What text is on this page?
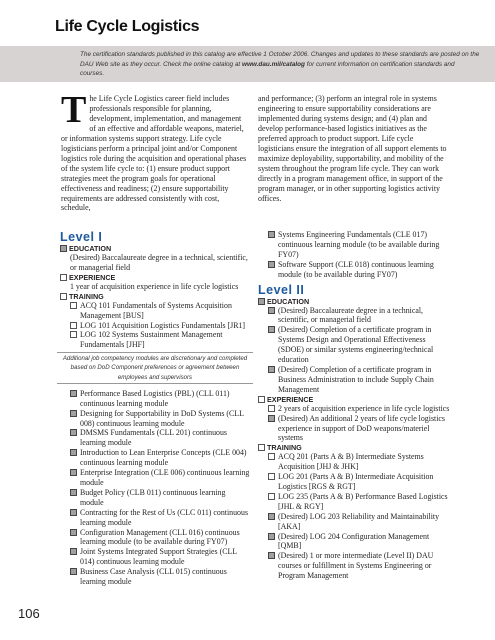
Life Cycle Logistics
The certification standards published in this catalog are effective 1 October 2006. Changes and updates to these standards are posted on the DAU Web site as they occur. Check the online catalog at www.dau.mil/catalog for current information on certification standards and courses.
The Life Cycle Logistics career field includes professionals responsible for planning, development, implementation, and management of an effective and affordable weapons, materiel, or information systems support strategy. Life cycle logisticians perform a principal joint and/or Component logistics role during the acquisition and operational phases of the system life cycle to: (1) ensure product support strategies meet the program goals for operational effectiveness and readiness; (2) ensure supportability requirements are addressed consistently with cost, schedule,
and performance; (3) perform an integral role in systems engineering to ensure supportability considerations are implemented during systems design; and (4) plan and develop performance-based logistics initiatives as the preferred approach to product support. Life cycle logisticians ensure the integration of all support elements to maximize deployability, supportability, and mobility of the system throughout the program life cycle. They can work directly in a program management office, in support of the program manager, or in other supporting logistics activity offices.
Level I
EDUCATION
(Desired) Baccalaureate degree in a technical, scientific, or managerial field
EXPERIENCE
1 year of acquisition experience in life cycle logistics
TRAINING
ACQ 101 Fundamentals of Systems Acquisition Management [BUS]
LOG 101 Acquisition Logistics Fundamentals [JR1]
LOG 102 Systems Sustainment Management Fundamentals [JHF]
Additional job competency modules are discretionary and completed based on DoD Component preferences or agreement between employees and supervisors
Performance Based Logistics (PBL) (CLL 011) continuous learning module
Designing for Supportability in DoD Systems (CLL 008) continuous learning module
DMSMS Fundamentals (CLL 201) continuous learning module
Introduction to Lean Enterprise Concepts (CLE 004) continuous learning module
Enterprise Integration (CLE 006) continuous learning module
Budget Policy (CLB 011) continuous learning module
Contracting for the Rest of Us (CLC 011) continuous learning module
Configuration Management (CLL 016) continuous learning module (to be available during FY07)
Joint Systems Integrated Support Strategies (CLL 014) continuous learning module
Business Case Analysis (CLL 015) continuous learning module
Systems Engineering Fundamentals (CLE 017) continuous learning module (to be available during FY07)
Software Support (CLE 018) continuous learning module (to be available during FY07)
Level II
EDUCATION
(Desired) Baccalaureate degree in a technical, scientific, or managerial field
(Desired) Completion of a certificate program in Systems Design and Operational Effectiveness (SDOE) or similar systems engineering/technical education
(Desired) Completion of a certificate program in Business Administration to include Supply Chain Management
EXPERIENCE
2 years of acquisition experience in life cycle logistics
(Desired) An additional 2 years of life cycle logistics experience in support of DoD weapons/materiel systems
TRAINING
ACQ 201 (Parts A & B) Intermediate Systems Acquisition [JHJ & JHK]
LOG 201 (Parts A & B) Intermediate Acquisition Logistics [RGS & RGT]
LOG 235 (Parts A & B) Performance Based Logistics [JHL & RGY]
(Desired) LOG 203 Reliability and Maintainability [AKA]
(Desired) LOG 204 Configuration Management [QMB]
(Desired) 1 or more intermediate (Level II) DAU courses or fulfillment in Systems Engineering or Program Management
106
